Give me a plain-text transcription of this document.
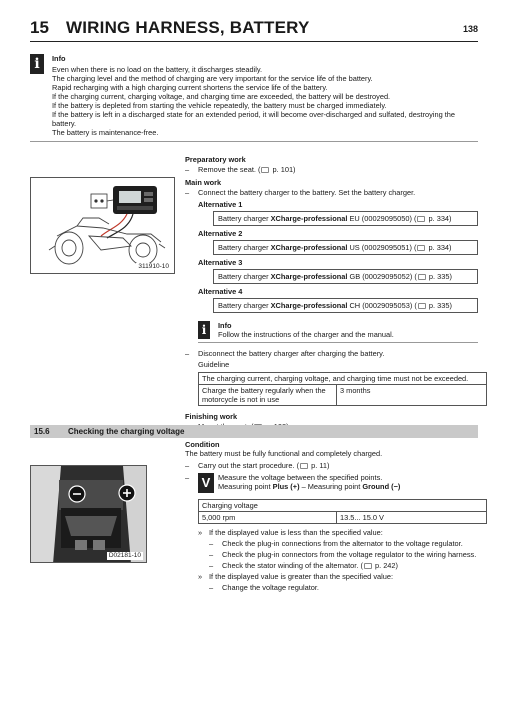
15 WIRING HARNESS, BATTERY	138
i	Info
Even when there is no load on the battery, it discharges steadily.
The charging level and the method of charging are very important for the service life of the battery.
Rapid recharging with a high charging current shortens the service life of the battery.
If the charging current, charging voltage, and charging time are exceeded, the battery will be destroyed.
If the battery is depleted from starting the vehicle repeatedly, the battery must be charged immediately.
If the battery is left in a discharged state for an extended period, it will become over-discharged and sulfated, destroying the battery.
The battery is maintenance-free.
311910-10
Preparatory work
– Remove the seat. ( p. 101)
Main work
– Connect the battery charger to the battery. Set the battery charger.
Alternative 1
Battery charger XCharge-professional EU (00029095050) ( p. 334)
Alternative 2
Battery charger XCharge-professional US (00029095051) ( p. 334)
Alternative 3
Battery charger XCharge-professional GB (00029095052) ( p. 335)
Alternative 4
Battery charger XCharge-professional CH (00029095053) ( p. 335)
i	Info
Follow the instructions of the charger and the manual.
– Disconnect the battery charger after charging the battery.
Guideline
The charging current, charging voltage, and charging time must not be exceeded.
Charge the battery regularly when the motorcycle is not in use	3 months
Finishing work
–
15.6 Checking the charging voltage
D02181-10
Condition
The battery must be fully functional and completely charged.
– Carry out the start procedure. ( p. 11)
– V	Measure the voltage between the specified points.
Measuring point Plus (+) – Measuring point Ground (−)
Charging voltage
5,000 rpm	13.5... 15.0 V
» If the displayed value is less than the specified value:
– Check the plug-in connections from the alternator to the voltage regulator.
– Check the plug-in connectors from the voltage regulator to the wiring harness.
– Check the stator winding of the alternator. ( p. 242)
» If the displayed value is greater than the specified value:
– Change the voltage regulator.
